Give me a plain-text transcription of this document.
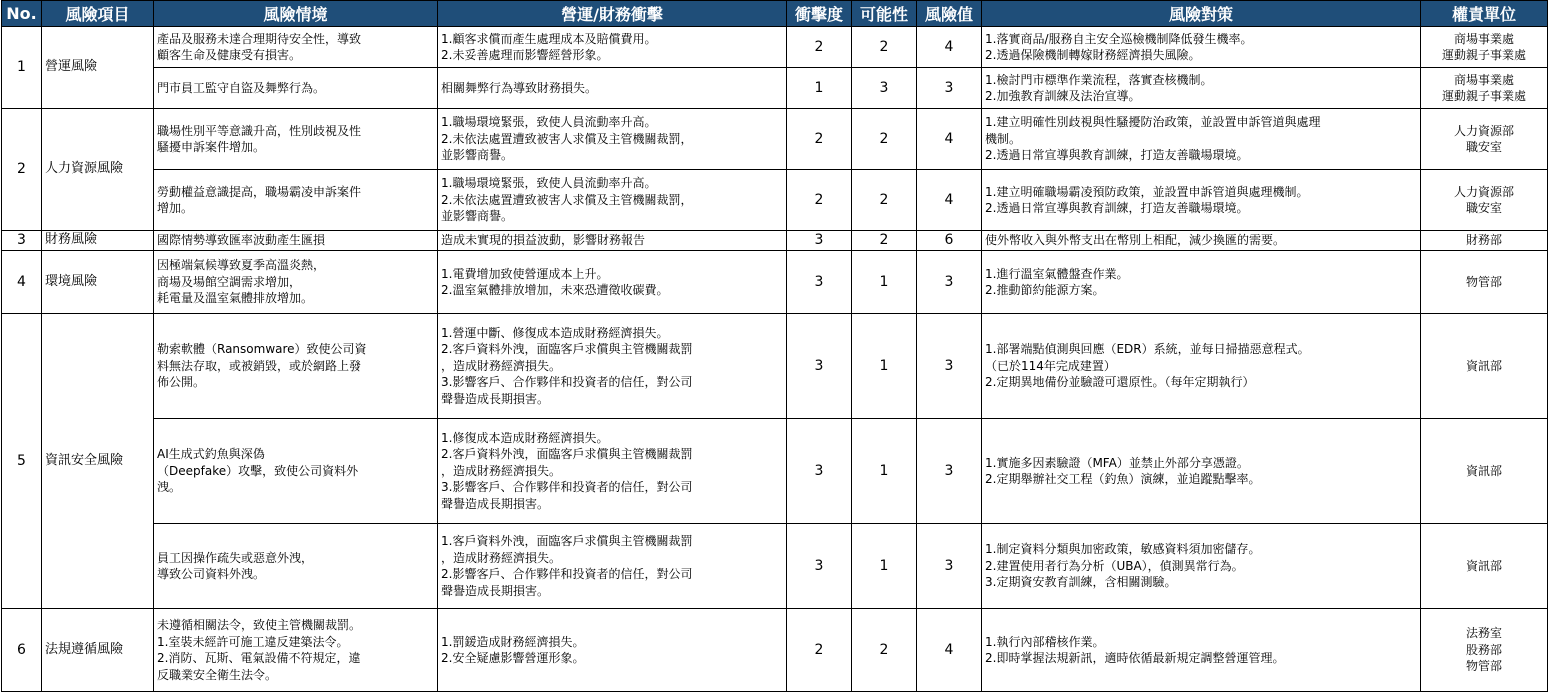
No.	風險項目	風險情境	營運/財務衝擊	衝擊度	可能性	風險值	風險對策	權責單位
1	營運風險	產品及服務未達合理期待安全性，導致
顧客生命及健康受有損害。	1.顧客求償而產生處理成本及賠償費用。
2.未妥善處理而影響經營形象。	2	2	4	1.落實商品/服務自主安全巡檢機制降低發生機率。
2.透過保險機制轉嫁財務經濟損失風險。	商場事業處
運動親子事業處

		門市員工監守自盜及舞弊行為。	相關舞弊行為導致財務損失。	1	3	3	1.檢討門市標準作業流程，落實查核機制。
2.加強教育訓練及法治宣導。	商場事業處
運動親子事業處

2	人力資源風險	職場性別平等意識升高，性別歧視及性
騷擾申訴案件增加。	1.職場環境緊張，致使人員流動率升高。
2.未依法處置遭致被害人求償及主管機關裁罰，
並影響商譽。	2	2	4	1.建立明確性別歧視與性騷擾防治政策，並設置申訴管道與處理
機制。
2.透過日常宣導與教育訓練，打造友善職場環境。	人力資源部
職安室

		勞動權益意識提高，職場霸凌申訴案件
增加。	1.職場環境緊張，致使人員流動率升高。
2.未依法處置遭致被害人求償及主管機關裁罰，
並影響商譽。	2	2	4	1.建立明確職場霸凌預防政策，並設置申訴管道與處理機制。
2.透過日常宣導與教育訓練，打造友善職場環境。	人力資源部
職安室

3	財務風險	國際情勢導致匯率波動產生匯損	造成未實現的損益波動，影響財務報告	3	2	6	使外幣收入與外幣支出在幣別上相配，減少換匯的需要。	財務部

4	環境風險	因極端氣候導致夏季高溫炎熱，
商場及場館空調需求增加，
耗電量及溫室氣體排放增加。	1.電費增加致使營運成本上升。
2.溫室氣體排放增加，未來恐遭徵收碳費。	3	1	3	1.進行溫室氣體盤查作業。
2.推動節約能源方案。	物管部

5	資訊安全風險	勒索軟體（Ransomware）致使公司資
料無法存取，或被銷毀，或於網路上發
佈公開。	1.營運中斷、修復成本造成財務經濟損失。
2.客戶資料外洩，面臨客戶求償與主管機關裁罰
，造成財務經濟損失。
3.影響客戶、合作夥伴和投資者的信任，對公司
聲譽造成長期損害。	3	1	3	1.部署端點偵測與回應（EDR）系統，並每日掃描惡意程式。
（已於114年完成建置）
2.定期異地備份並驗證可還原性。（每年定期執行）	資訊部

		AI生成式釣魚與深偽
（Deepfake）攻擊，致使公司資料外
洩。	1.修復成本造成財務經濟損失。
2.客戶資料外洩，面臨客戶求償與主管機關裁罰
，造成財務經濟損失。
3.影響客戶、合作夥伴和投資者的信任，對公司
聲譽造成長期損害。	3	1	3	1.實施多因素驗證（MFA）並禁止外部分享憑證。
2.定期舉辦社交工程（釣魚）演練，並追蹤點擊率。	資訊部

		員工因操作疏失或惡意外洩，
導致公司資料外洩。	1.客戶資料外洩，面臨客戶求償與主管機關裁罰
，造成財務經濟損失。
2.影響客戶、合作夥伴和投資者的信任，對公司
聲譽造成長期損害。	3	1	3	1.制定資料分類與加密政策，敏感資料須加密儲存。
2.建置使用者行為分析（UBA），偵測異常行為。
3.定期資安教育訓練，含相關測驗。	資訊部

6	法規遵循風險	未遵循相關法令，致使主管機關裁罰。
1.室裝未經許可施工違反建築法令。
2.消防、瓦斯、電氣設備不符規定，違
反職業安全衛生法令。	1.罰鍰造成財務經濟損失。
2.安全疑慮影響營運形象。	2	2	4	1.執行內部稽核作業。
2.即時掌握法規新訊，適時依循最新規定調整營運管理。	法務室
股務部
物管部
